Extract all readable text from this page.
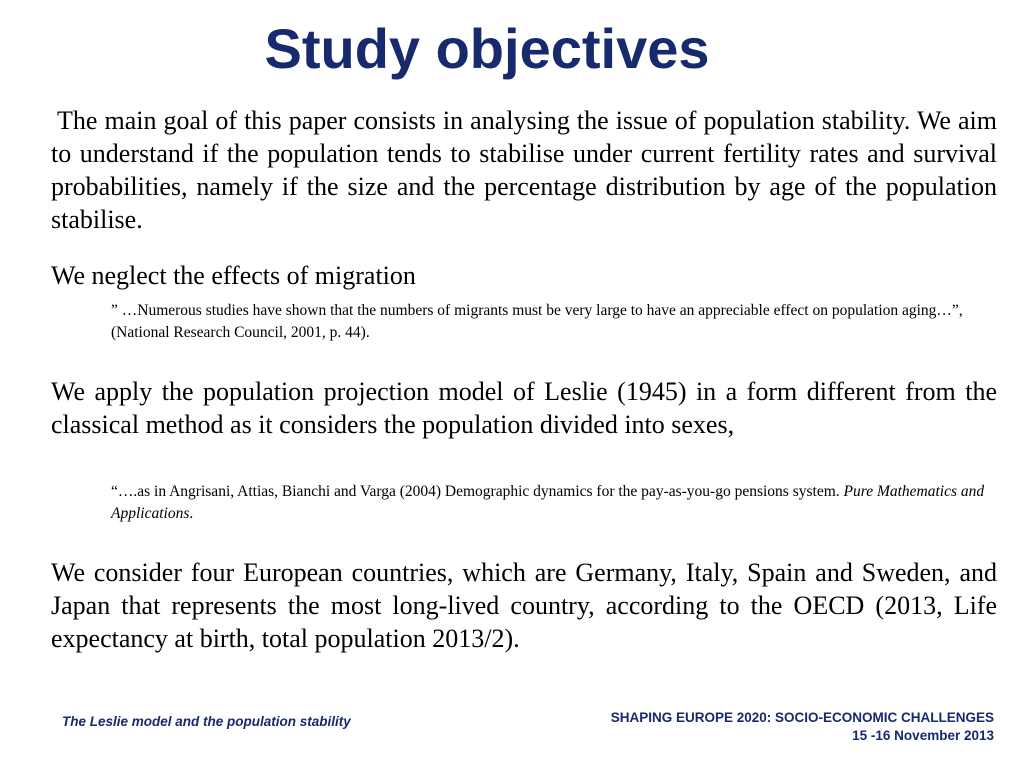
Study objectives

The main goal of this paper consists in analysing the issue of population stability. We aim to understand if the population tends to stabilise under current fertility rates and survival probabilities, namely if the size and the percentage distribution by age of the population stabilise.

We neglect the effects of migration

” …Numerous studies have shown that the numbers of migrants must be very large to have an appreciable effect on population aging…”, (National Research Council, 2001, p. 44).

We apply the population projection model of Leslie (1945) in a form different from the classical method as it considers the population divided into sexes,

“….as in Angrisani, Attias, Bianchi and Varga (2004) Demographic dynamics for the pay-as-you-go pensions system. Pure Mathematics and Applications.

We consider four European countries, which are Germany, Italy, Spain and Sweden, and Japan that represents the most long-lived country, according to the OECD (2013, Life expectancy at birth, total population 2013/2).

The Leslie model and the population stability	SHAPING EUROPE 2020: SOCIO-ECONOMIC CHALLENGES
15 -16 November 2013
